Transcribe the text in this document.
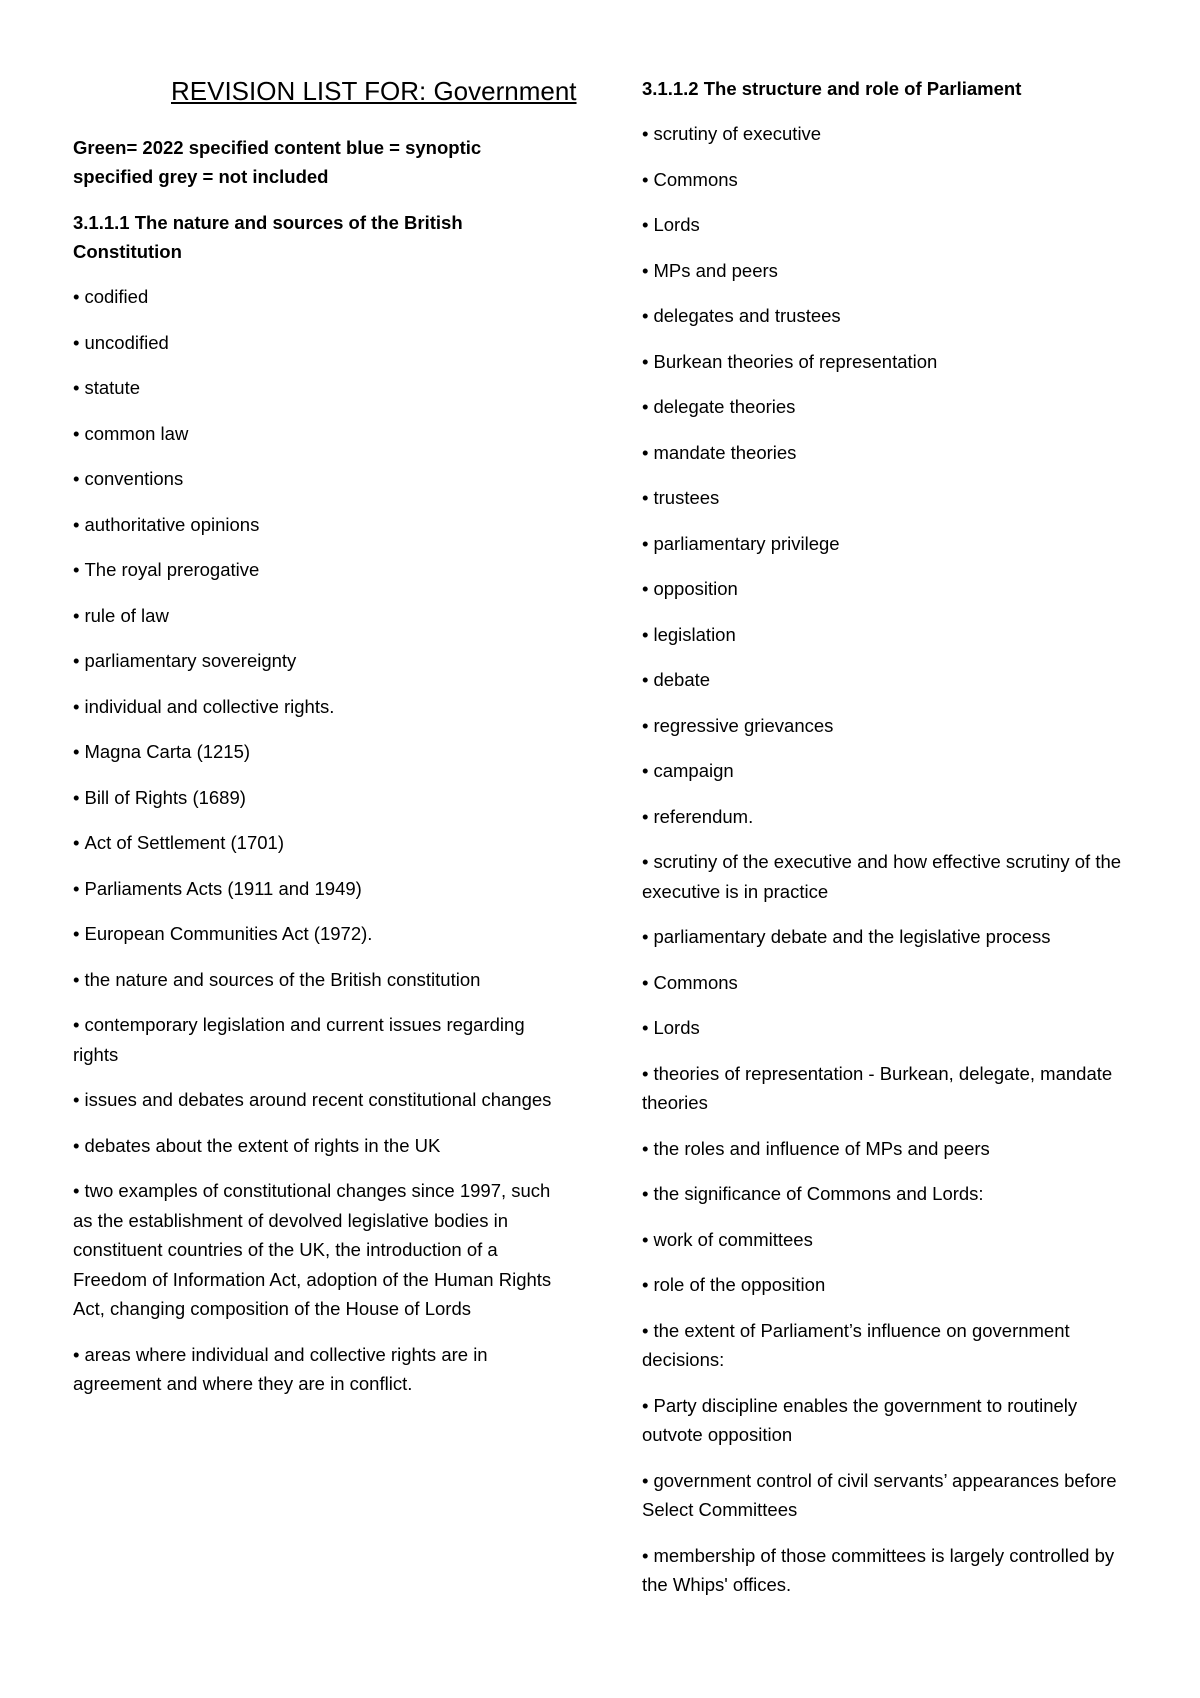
REVISION LIST FOR: Government

Green= 2022 specified content blue = synoptic specified grey = not included

3.1.1.1 The nature and sources of the British Constitution

• codified
• uncodified
• statute
• common law
• conventions
• authoritative opinions
• The royal prerogative
• rule of law
• parliamentary sovereignty
• individual and collective rights.
• Magna Carta (1215)
• Bill of Rights (1689)
• Act of Settlement (1701)
• Parliaments Acts (1911 and 1949)
• European Communities Act (1972).
• the nature and sources of the British constitution
• contemporary legislation and current issues regarding rights
• issues and debates around recent constitutional changes
• debates about the extent of rights in the UK
• two examples of constitutional changes since 1997, such as the establishment of devolved legislative bodies in constituent countries of the UK, the introduction of a Freedom of Information Act, adoption of the Human Rights Act, changing composition of the House of Lords
• areas where individual and collective rights are in agreement and where they are in conflict.

3.1.1.2 The structure and role of Parliament

• scrutiny of executive
• Commons
• Lords
• MPs and peers
• delegates and trustees
• Burkean theories of representation
• delegate theories
• mandate theories
• trustees
• parliamentary privilege
• opposition
• legislation
• debate
• regressive grievances
• campaign
• referendum.
• scrutiny of the executive and how effective scrutiny of the executive is in practice
• parliamentary debate and the legislative process
• Commons
• Lords
• theories of representation - Burkean, delegate, mandate theories
• the roles and influence of MPs and peers
• the significance of Commons and Lords:
• work of committees
• role of the opposition
• the extent of Parliament’s influence on government decisions:
• Party discipline enables the government to routinely outvote opposition
• government control of civil servants’ appearances before Select Committees
• membership of those committees is largely controlled by the Whips' offices.
